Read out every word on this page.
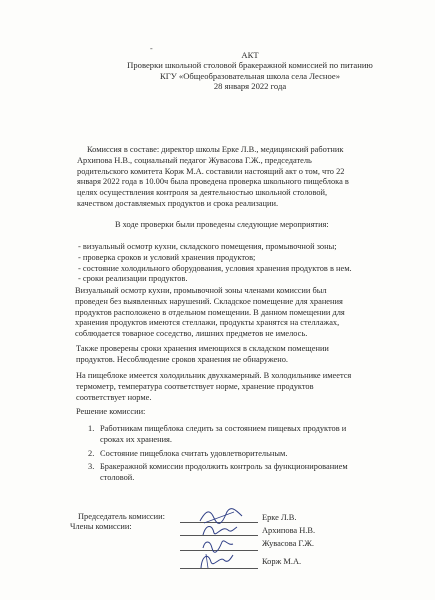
-
АКТ
Проверки школьной столовой бракеражной комиссией по питанию
КГУ «Общеобразовательная школа села Лесное»
28 января 2022 года

Комиссия в составе: директор школы Ерке Л.В., медицинский работник
Архипова Н.В., социальный педагог Жувасова Г.Ж., председатель
родительского комитета Корж М.А. составили настоящий акт о том, что 22
января 2022 года в 10.00ч была проведена проверка школьного пищеблока в
целях осуществления контроля за деятельностью школьной столовой,
качеством доставляемых продуктов и срока реализации.

В ходе проверки были проведены следующие мероприятия:

- визуальный осмотр кухни, складского помещения, промывочной зоны;
- проверка сроков и условий хранения продуктов;
- состояние холодильного оборудования, условия хранения продуктов в нем.
- сроки реализации продуктов.

Визуальный осмотр кухни, промывочной зоны членами комиссии был
проведен без выявленных нарушений. Складское помещение для хранения
продуктов расположено в отдельном помещении. В данном помещении для
хранения продуктов имеются стеллажи, продукты хранятся на стеллажах,
соблюдается товарное соседство, лишних предметов не имелось.

Также проверены сроки хранения имеющихся в складском помещении
продуктов. Несоблюдение сроков хранения не обнаружено.

На пищеблоке имеется холодильник двухкамерный. В холодильнике имеется
термометр, температура соответствует норме, хранение продуктов
соответствует норме.

Решение комиссии:

1. Работникам пищеблока следить за состоянием пищевых продуктов и
сроках их хранения.
2. Состояние пищеблока считать удовлетворительным.
3. Бракеражной комиссии продолжить контроль за функционированием
столовой.
Председатель комиссии:
Члены комиссии:
Ерке Л.В.
Архипова Н.В.
Жувасова Г.Ж.
Корж М.А.
